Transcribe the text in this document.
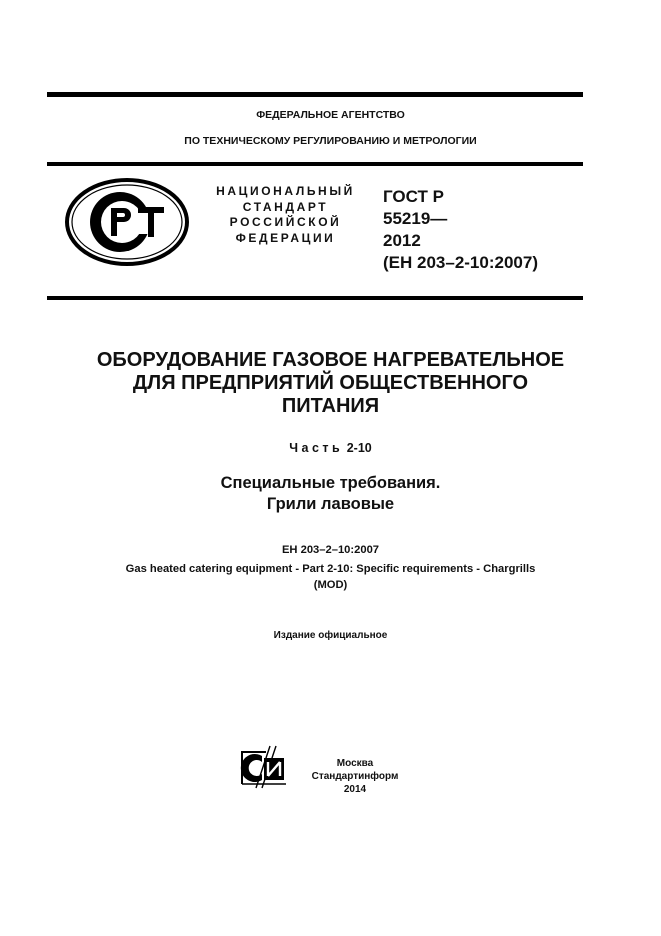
ФЕДЕРАЛЬНОЕ АГЕНТСТВО
ПО ТЕХНИЧЕСКОМУ РЕГУЛИРОВАНИЮ И МЕТРОЛОГИИ
НАЦИОНАЛЬНЫЙ
СТАНДАРТ
РОССИЙСКОЙ
ФЕДЕРАЦИИ
ГОСТ Р
55219—
2012
(ЕН 203–2-10:2007)
ОБОРУДОВАНИЕ ГАЗОВОЕ НАГРЕВАТЕЛЬНОЕ
ДЛЯ ПРЕДПРИЯТИЙ ОБЩЕСТВЕННОГО
ПИТАНИЯ
Часть 2-10
Специальные требования.
Грили лавовые
ЕН 203–2–10:2007
Gas heated catering equipment - Part 2-10: Specific requirements - Chargrills
(MOD)
Издание официальное
Москва
Стандартинформ
2014
